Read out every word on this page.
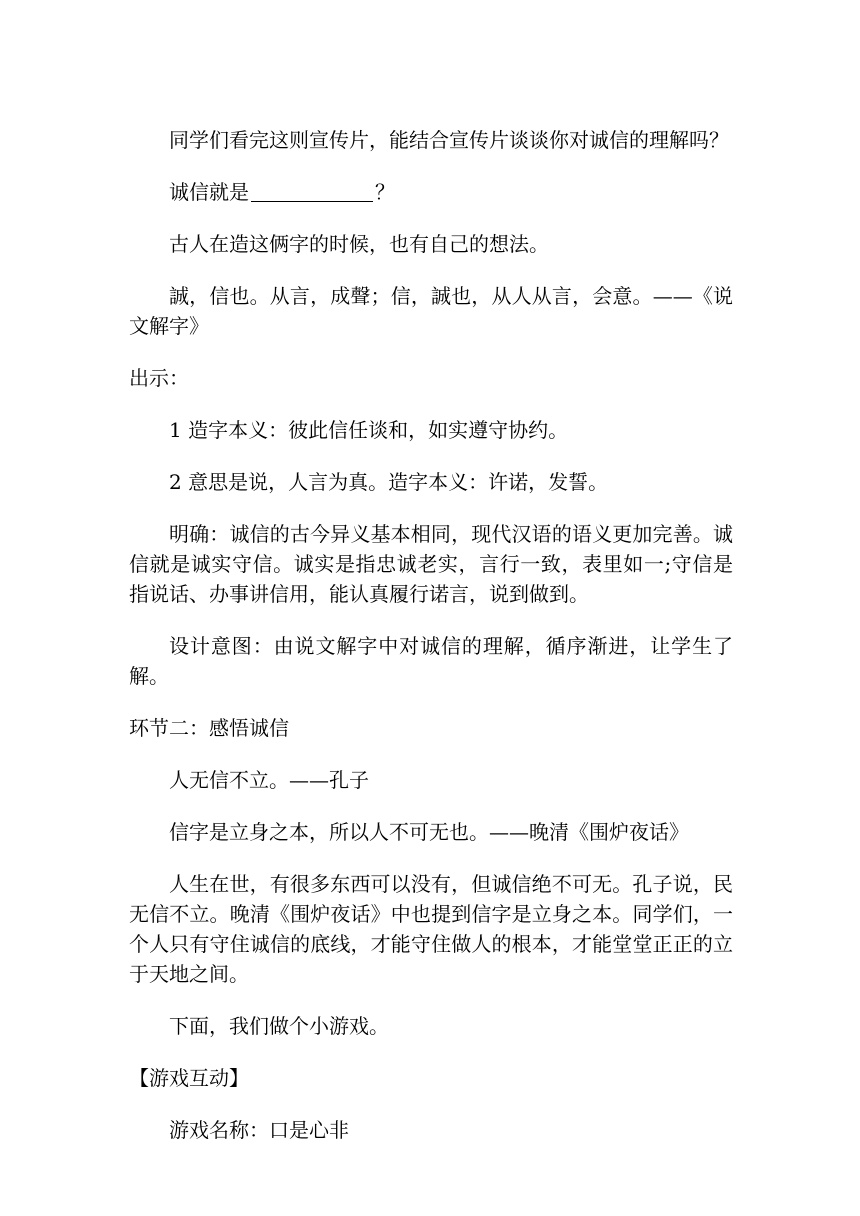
同学们看完这则宣传片，能结合宣传片谈谈你对诚信的理解吗？

诚信就是	？

古人在造这俩字的时候，也有自己的想法。

誠，信也。从言，成聲；信，誠也，从人从言，会意。——《说文解字》

出示：

1 造字本义：彼此信任谈和，如实遵守协约。

2 意思是说，人言为真。造字本义：许诺，发誓。

明确：诚信的古今异义基本相同，现代汉语的语义更加完善。诚信就是诚实守信。诚实是指忠诚老实，言行一致，表里如一;守信是指说话、办事讲信用，能认真履行诺言，说到做到。

设计意图：由说文解字中对诚信的理解，循序渐进，让学生了解。

环节二：感悟诚信

人无信不立。——孔子

信字是立身之本，所以人不可无也。——晚清《围炉夜话》

人生在世，有很多东西可以没有，但诚信绝不可无。孔子说，民无信不立。晚清《围炉夜话》中也提到信字是立身之本。同学们，一个人只有守住诚信的底线，才能守住做人的根本，才能堂堂正正的立于天地之间。

下面，我们做个小游戏。

【游戏互动】

游戏名称：口是心非
